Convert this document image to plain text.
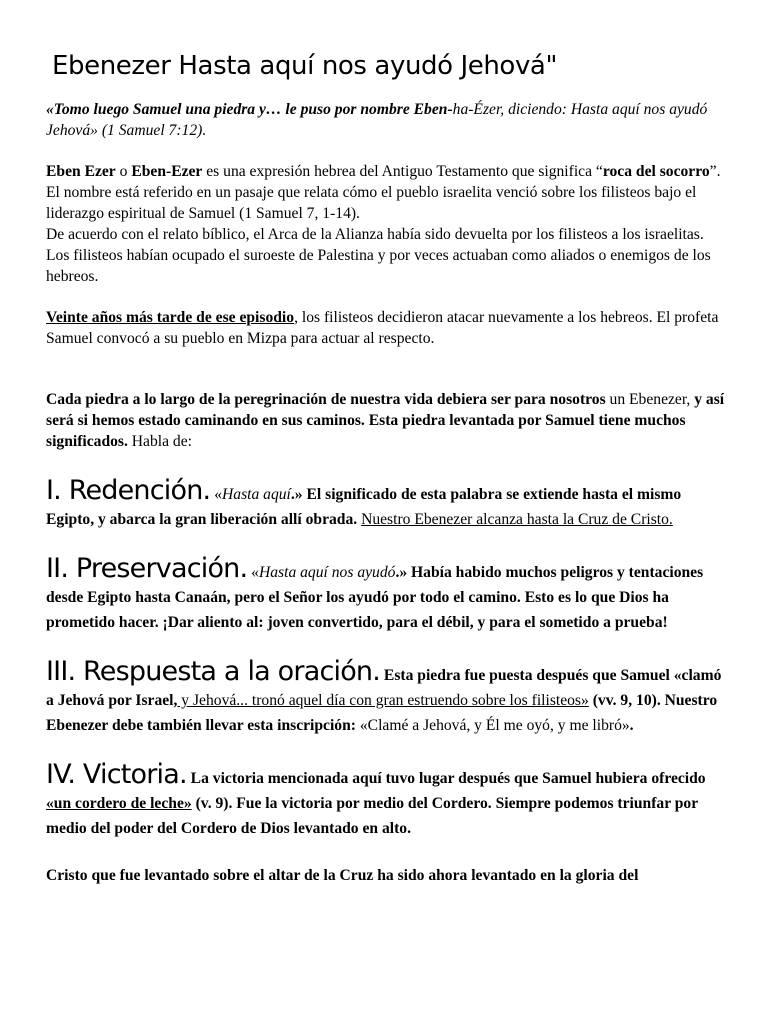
Ebenezer Hasta aquí nos ayudó Jehová"

«Tomo luego Samuel una piedra y… le puso por nombre Eben-ha-Ézer, diciendo: Hasta aquí nos ayudó Jehová» (1 Samuel 7:12).

Eben Ezer o Eben-Ezer es una expresión hebrea del Antiguo Testamento que significa “roca del socorro”. El nombre está referido en un pasaje que relata cómo el pueblo israelita venció sobre los filisteos bajo el liderazgo espiritual de Samuel (1 Samuel 7, 1-14).
De acuerdo con el relato bíblico, el Arca de la Alianza había sido devuelta por los filisteos a los israelitas. Los filisteos habían ocupado el suroeste de Palestina y por veces actuaban como aliados o enemigos de los hebreos.

Veinte años más tarde de ese episodio, los filisteos decidieron atacar nuevamente a los hebreos. El profeta Samuel convocó a su pueblo en Mizpa para actuar al respecto.

Cada piedra a lo largo de la peregrinación de nuestra vida debiera ser para nosotros un Ebenezer, y así será si hemos estado caminando en sus caminos. Esta piedra levantada por Samuel tiene muchos significados. Habla de:

I. Redención. «Hasta aquí.» El significado de esta palabra se extiende hasta el mismo Egipto, y abarca la gran liberación allí obrada. Nuestro Ebenezer alcanza hasta la Cruz de Cristo.

II. Preservación. «Hasta aquí nos ayudó.» Había habido muchos peligros y tentaciones desde Egipto hasta Canaán, pero el Señor los ayudó por todo el camino. Esto es lo que Dios ha prometido hacer. ¡Dar aliento al: joven convertido, para el débil, y para el sometido a prueba!

III. Respuesta a la oración. Esta piedra fue puesta después que Samuel «clamó a Jehová por Israel, y Jehová... tronó aquel día con gran estruendo sobre los filisteos» (vv. 9, 10). Nuestro Ebenezer debe también llevar esta inscripción: «Clamé a Jehová, y Él me oyó, y me libró».

IV. Victoria. La victoria mencionada aquí tuvo lugar después que Samuel hubiera ofrecido «un cordero de leche» (v. 9). Fue la victoria por medio del Cordero. Siempre podemos triunfar por medio del poder del Cordero de Dios levantado en alto.

Cristo que fue levantado sobre el altar de la Cruz ha sido ahora levantado en la gloria del
